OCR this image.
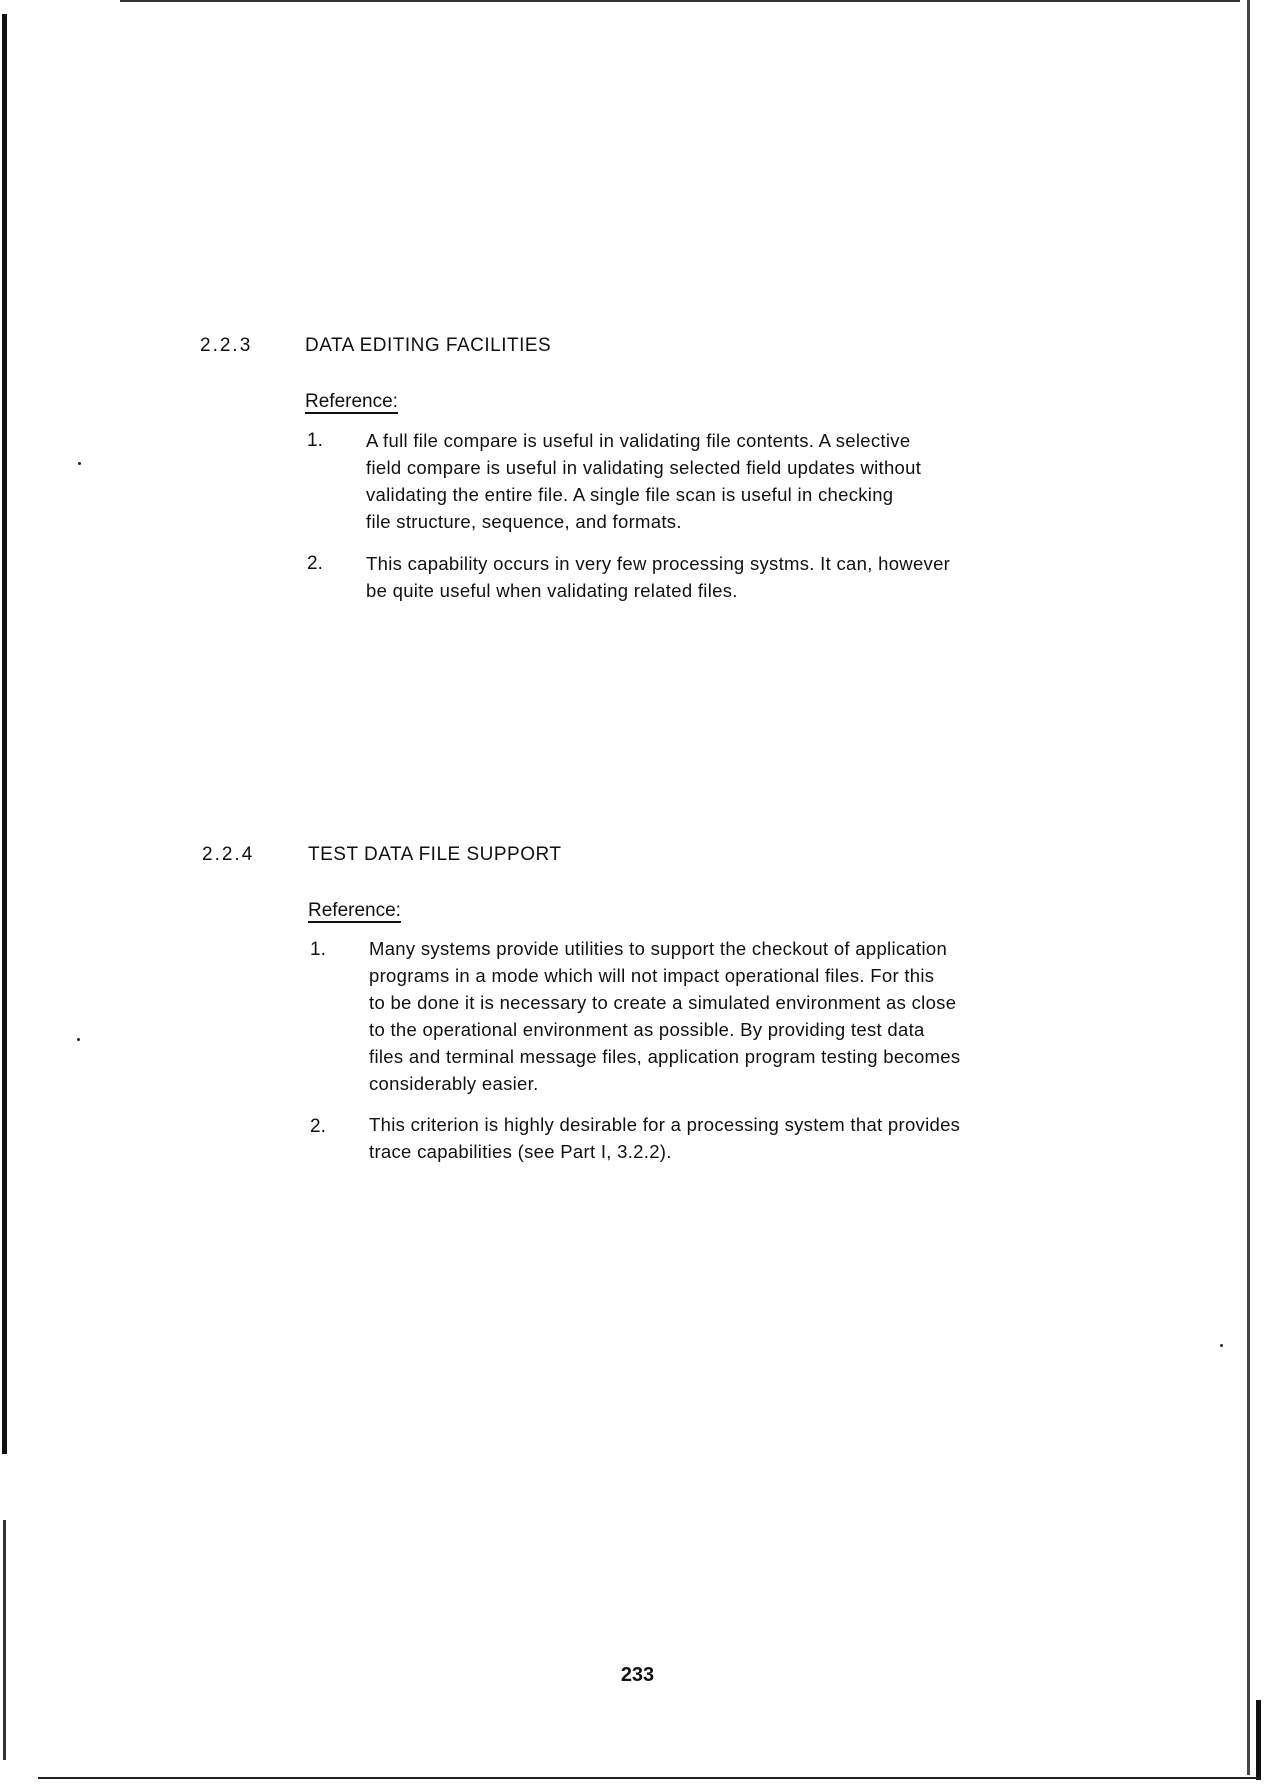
2.2.3	DATA EDITING FACILITIES
Reference:
1. A full file compare is useful in validating file contents. A selective
field compare is useful in validating selected field updates without
validating the entire file. A single file scan is useful in checking
file structure, sequence, and formats.
2. This capability occurs in very few processing systms. It can, however
be quite useful when validating related files.
2.2.4	TEST DATA FILE SUPPORT
Reference:
1. Many systems provide utilities to support the checkout of application
programs in a mode which will not impact operational files. For this
to be done it is necessary to create a simulated environment as close
to the operational environment as possible. By providing test data
files and terminal message files, application program testing becomes
considerably easier.
2. This criterion is highly desirable for a processing system that provides
trace capabilities (see Part I, 3.2.2).
233
